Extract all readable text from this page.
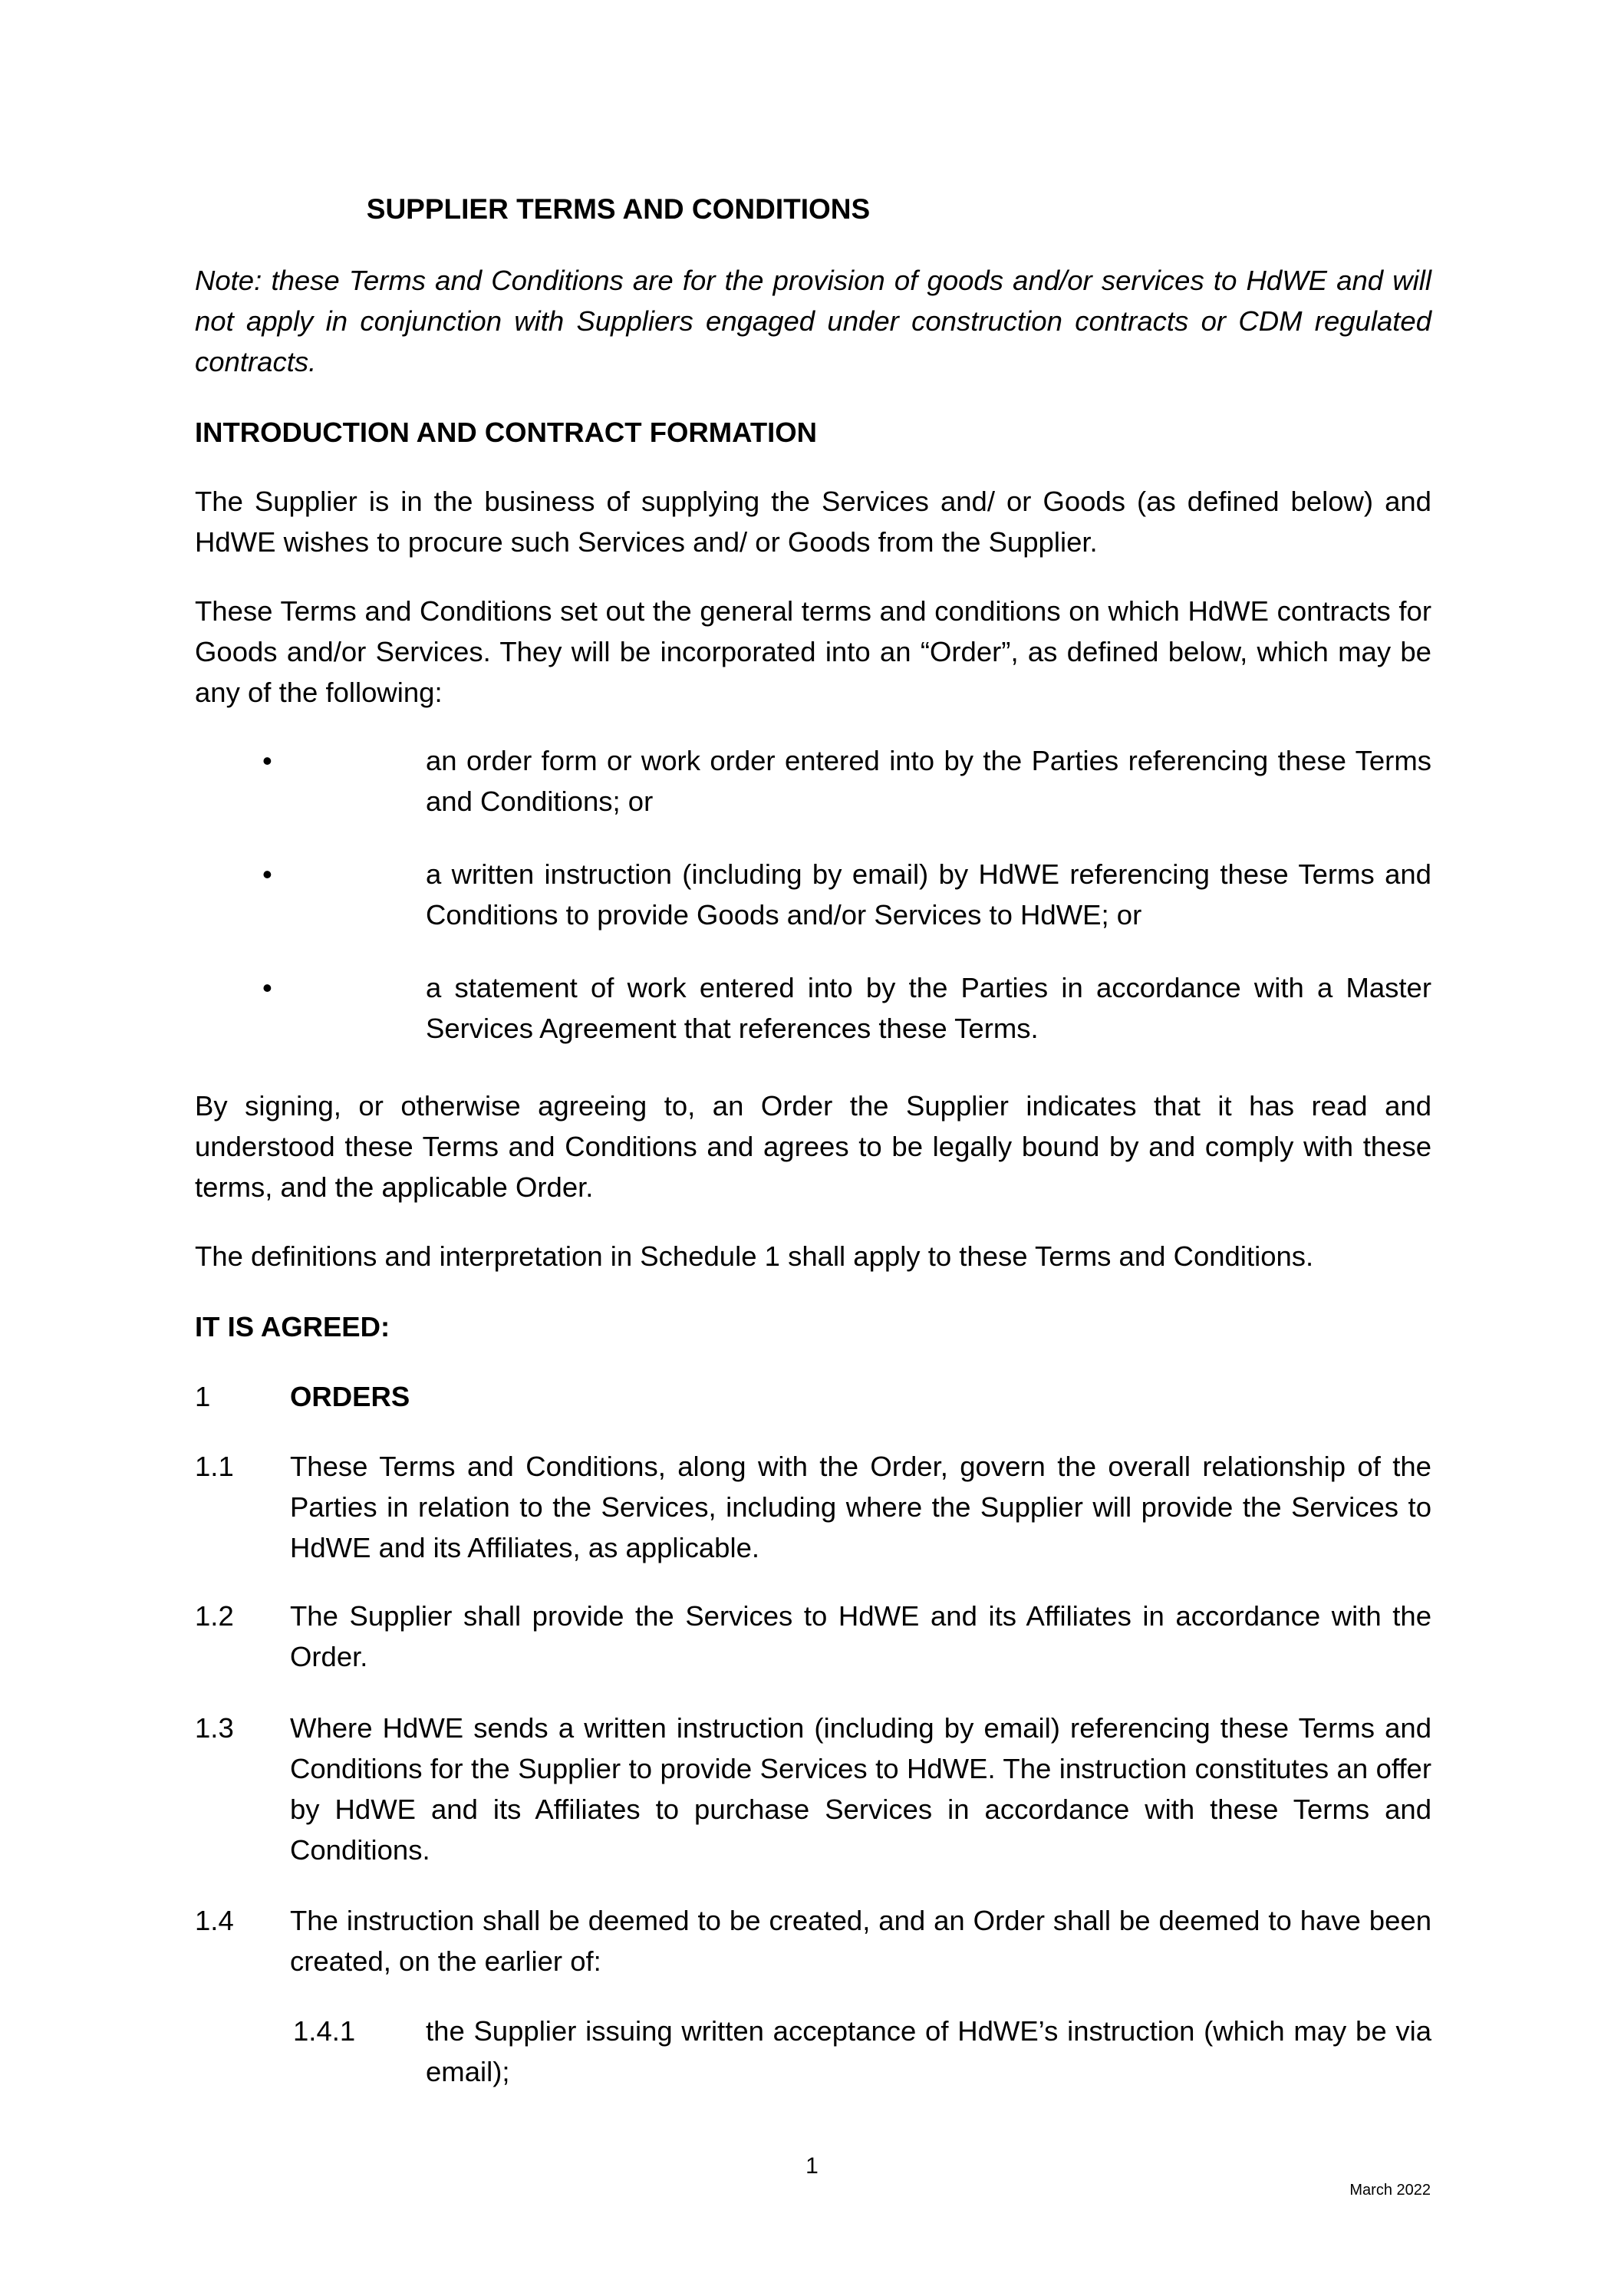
SUPPLIER TERMS AND CONDITIONS
Note: these Terms and Conditions are for the provision of goods and/or services to HdWE and will not apply in conjunction with Suppliers engaged under construction contracts or CDM regulated contracts.
INTRODUCTION AND CONTRACT FORMATION
The Supplier is in the business of supplying the Services and/ or Goods (as defined below) and HdWE wishes to procure such Services and/ or Goods from the Supplier.
These Terms and Conditions set out the general terms and conditions on which HdWE contracts for Goods and/or Services. They will be incorporated into an “Order”, as defined below, which may be any of the following:
•	an order form or work order entered into by the Parties referencing these Terms and Conditions; or
•	a written instruction (including by email) by HdWE referencing these Terms and Conditions to provide Goods and/or Services to HdWE; or
•	a statement of work entered into by the Parties in accordance with a Master Services Agreement that references these Terms.
By signing, or otherwise agreeing to, an Order the Supplier indicates that it has read and understood these Terms and Conditions and agrees to be legally bound by and comply with these terms, and the applicable Order.
The definitions and interpretation in Schedule 1 shall apply to these Terms and Conditions.
IT IS AGREED:
1	ORDERS
1.1 These Terms and Conditions, along with the Order, govern the overall relationship of the Parties in relation to the Services, including where the Supplier will provide the Services to HdWE and its Affiliates, as applicable.
1.2 The Supplier shall provide the Services to HdWE and its Affiliates in accordance with the Order.
1.3 Where HdWE sends a written instruction (including by email) referencing these Terms and Conditions for the Supplier to provide Services to HdWE. The instruction constitutes an offer by HdWE and its Affiliates to purchase Services in accordance with these Terms and Conditions.
1.4 The instruction shall be deemed to be created, and an Order shall be deemed to have been created, on the earlier of:
1.4.1	the Supplier issuing written acceptance of HdWE’s instruction (which may be via email);
1
March 2022
